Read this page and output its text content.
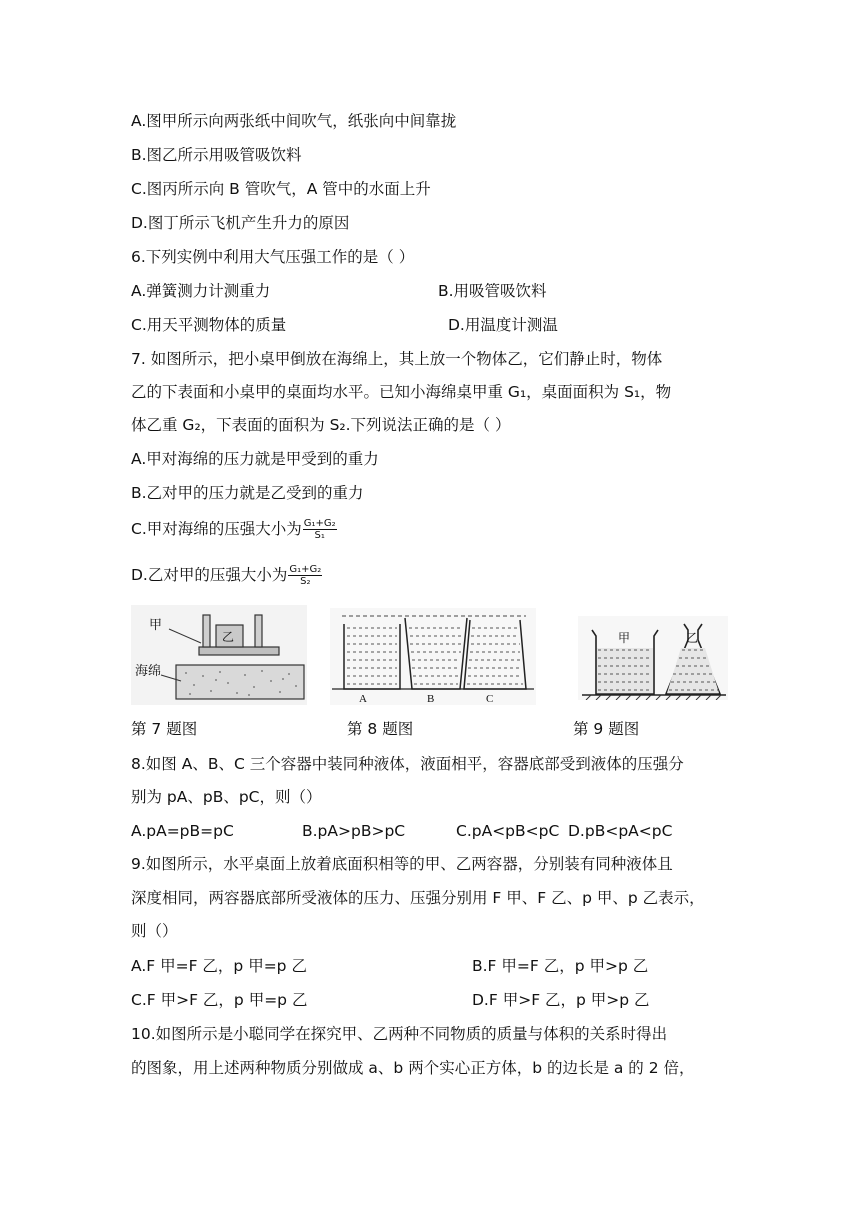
A.图甲所示向两张纸中间吹气，纸张向中间靠拢
B.图乙所示用吸管吸饮料
C.图丙所示向 B 管吹气，A 管中的水面上升
D.图丁所示飞机产生升力的原因
6.下列实例中利用大气压强工作的是（ ）
A.弹簧测力计测重力	B.用吸管吸饮料
C.用天平测物体的质量	D.用温度计测温
7. 如图所示，把小桌甲倒放在海绵上，其上放一个物体乙，它们静止时，物体
乙的下表面和小桌甲的桌面均水平。已知小海绵桌甲重 G₁，桌面面积为 S₁，物
体乙重 G₂，下表面的面积为 S₂.下列说法正确的是（ ）
A.甲对海绵的压力就是甲受到的重力
B.乙对甲的压力就是乙受到的重力
C.甲对海绵的压强大小为 $\frac{\text{G₁+G₂}}{\text{S₁}}$
D.乙对甲的压强大小为 $\frac{\text{G₁+G₂}}{\text{S₂}}$
甲
乙
海绵
A	B	C
甲	乙
第 7 题图	第 8 题图	第 9 题图
8.如图 A、B、C 三个容器中装同种液体，液面相平，容器底部受到液体的压强分
别为 pA、pB、pC，则（）
A.pA=pB=pC	B.pA>pB>pC	C.pA<pB<pC D.pB<pA<pC
9.如图所示，水平桌面上放着底面积相等的甲、乙两容器，分别装有同种液体且
深度相同，两容器底部所受液体的压力、压强分别用 F 甲、F 乙、p 甲、p 乙表示，
则（）
A.F 甲=F 乙，p 甲=p 乙	B.F 甲=F 乙，p 甲>p 乙
C.F 甲>F 乙，p 甲=p 乙	D.F 甲>F 乙，p 甲>p 乙
10.如图所示是小聪同学在探究甲、乙两种不同物质的质量与体积的关系时得出
的图象，用上述两种物质分别做成 a、b 两个实心正方体，b 的边长是 a 的 2 倍，
